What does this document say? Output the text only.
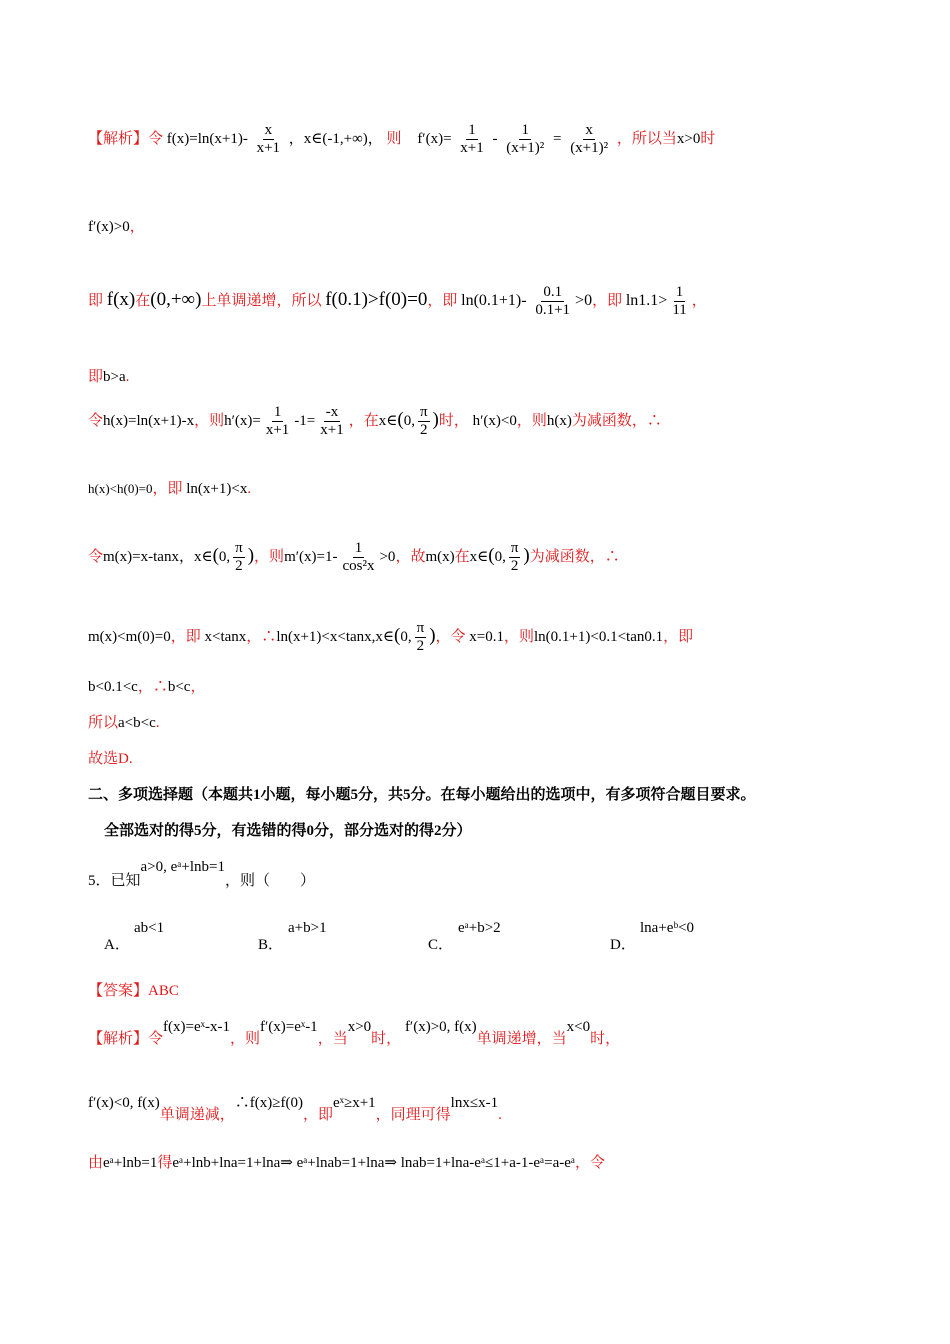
【解析】令 $f(x)=\ln(x+1)- \frac{x}{x+1}$ ，x∈(-1,+∞)， 则 $f'(x)= \frac{1}{x+1} - \frac{1}{\text{(x+1)²}} = \frac{x}{\text{(x+1)²}}$ ，所以当x>0时
f′(x)>0，
即 f(x)在(0,+∞)上单调递增，所以 f(0.1)>f(0)=0，即 $\ln(0.1+1)- \frac{0.1}{0.1+1} >0$，即 $\ln 1.1> \frac{1}{11}$ ，
即b>a.
令h(x)=ln(x+1)-x，则$h'(x)= \frac{1}{x+1} -1= \frac{-x}{x+1}$ ，在x∈(0, $\frac{\pi}{2}$ )时， h′(x)<0，则h(x)为减函数，∴
h(x)<h(0)=0，即 ln(x+1)<x.
令m(x)=x-tanx，x∈(0, $\frac{\pi}{2}$ )，则$m'(x)=1- \frac{1}{\text{cos²x}} >0$，故m(x)在x∈(0, $\frac{\pi}{2}$ )为减函数，∴
m(x)<m(0)=0，即 x<tanx，∴ln(x+1)<x<tanx,x∈(0, $\frac{\pi}{2}$ )，令 x=0.1，则ln(0.1+1)<0.1<tan0.1，即
b<0.1<c，∴b<c，
所以a<b<c.
故选D.
二、多项选择题（本题共1小题，每小题5分，共5分。在每小题给出的选项中，有多项符合题目要求。
全部选对的得5分，有选错的得0分，部分选对的得2分）
5．已知a>0, eᵃ+lnb=1，则（　　）
A．
ab<1
B．
a+b>1
C．
eᵃ+b>2
D．
lna+eᵇ<0
【答案】ABC
【解析】令f(x)=eˣ-x-1，则f′(x)=eˣ-1，当x>0时， f′(x)>0, f(x)单调递增，当x<0时，
f′(x)<0, f(x)单调递减，∴f(x)≥f(0)，即eˣ≥x+1，同理可得lnx≤x-1.
由eᵃ+lnb=1得eᵃ+lnb+lna=1+lna⇒ eᵃ+lnab=1+lna⇒ lnab=1+lna-eᵃ≤1+a-1-eᵃ=a-eᵃ，令
